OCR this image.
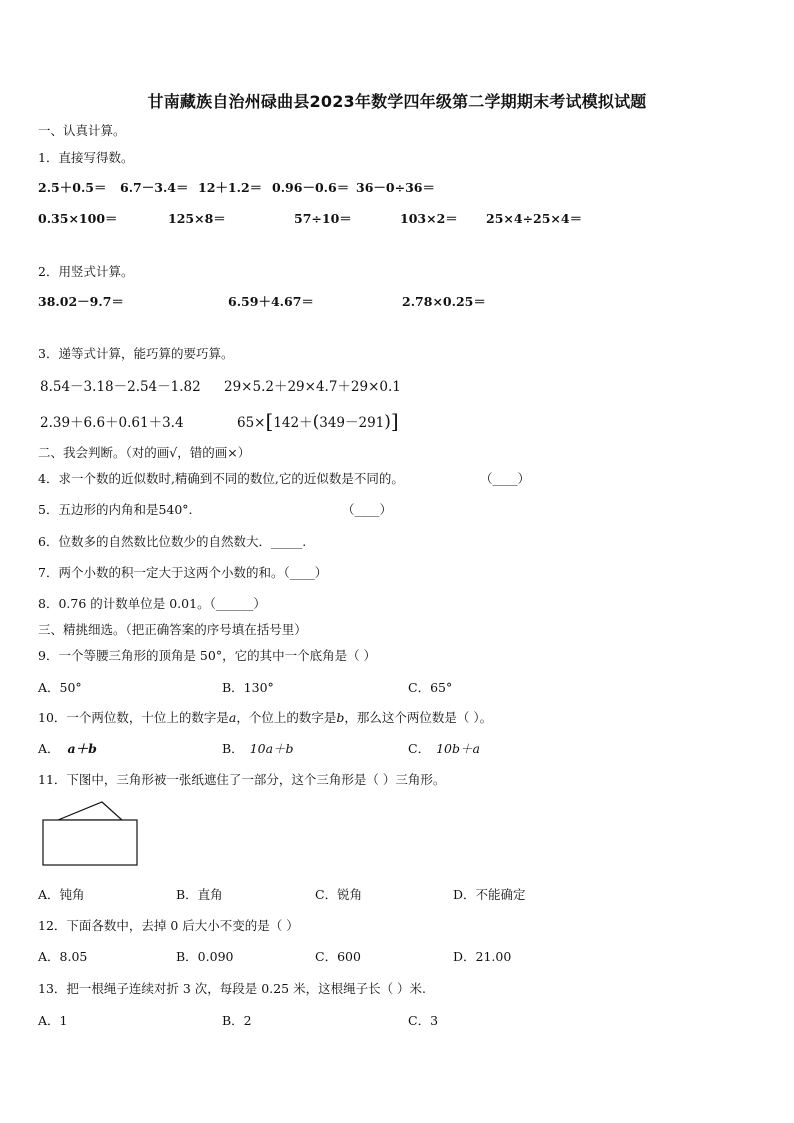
甘南藏族自治州碌曲县2023年数学四年级第二学期期末考试模拟试题
一、认真计算。
1．直接写得数。
2.5＋0.5＝ 6.7－3.4＝ 12＋1.2＝ 0.96－0.6＝ 36－0÷36＝
0.35×100＝	125×8＝	57÷10＝	103×2＝ 25×4÷25×4＝
2．用竖式计算。
38.02－9.7＝	6.59＋4.67＝	2.78×0.25＝
3．递等式计算，能巧算的要巧算。
8.54－3.18－2.54－1.82 29×5.2＋29×4.7＋29×0.1
2.39＋6.6＋0.61＋3.4	65×[142＋(349－291)]
二、我会判断。（对的画√，错的画×）
4．求一个数的近似数时,精确到不同的数位,它的近似数是不同的。	（____）
5．五边形的内角和是540°.	（____）
6．位数多的自然数比位数少的自然数大．_____.
7．两个小数的积一定大于这两个小数的和。（____）
8．0.76 的计数单位是 0.01。（______）
三、精挑细选。（把正确答案的序号填在括号里）
9．一个等腰三角形的顶角是 50°，它的其中一个底角是（ ）
A．50°	B．130°	C．65°
10．一个两位数，十位上的数字是a，个位上的数字是b，那么这个两位数是（ ）。
A． a＋b	B． 10a＋b	C． 10b＋a
11．下图中，三角形被一张纸遮住了一部分，这个三角形是（ ）三角形。
A．钝角	B．直角	C．锐角	D．不能确定
12．下面各数中，去掉 0 后大小不变的是（ ）
A．8.05	B．0.090	C．600	D．21.00
13．把一根绳子连续对折 3 次，每段是 0.25 米，这根绳子长（ ）米.
A．1	B．2	C．3
